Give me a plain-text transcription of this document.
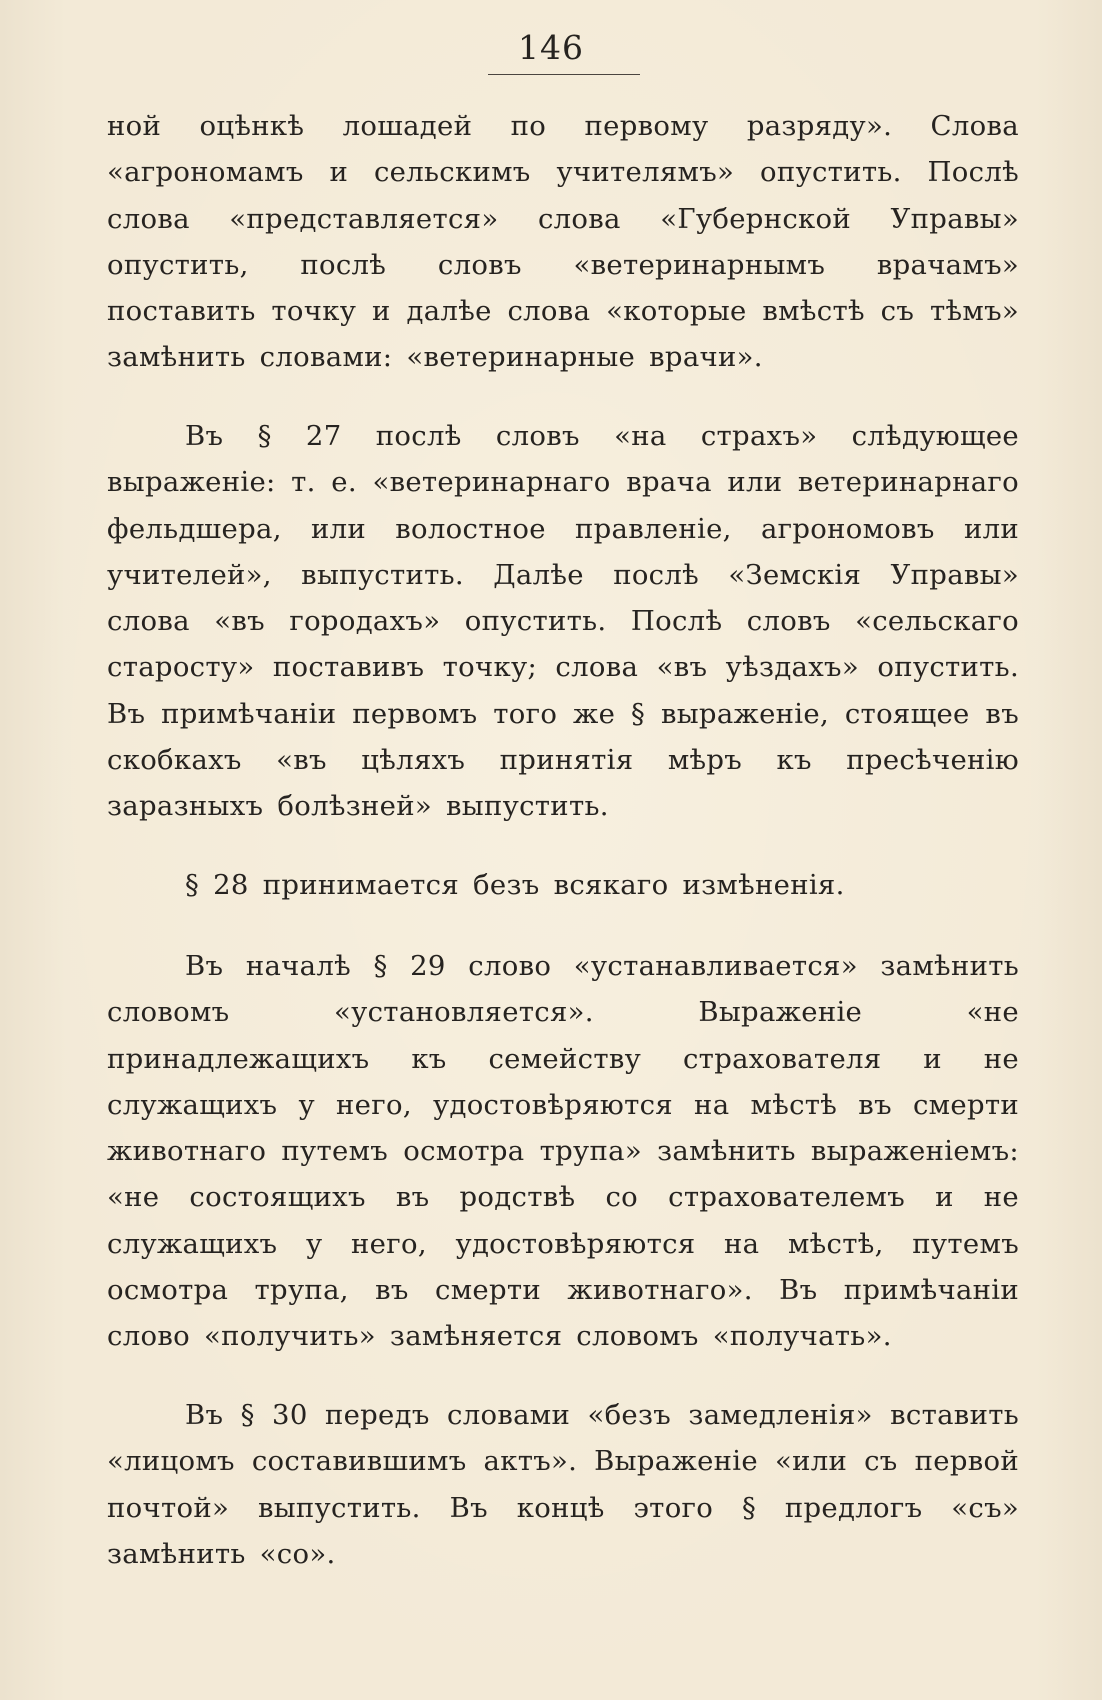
146

ной оцѣнкѣ лошадей по первому разряду». Слова «агрономамъ и сельскимъ учителямъ» опустить. Послѣ слова «представляется» слова «Губернской Управы» опустить, послѣ словъ «ветеринарнымъ врачамъ» поставить точку и далѣе слова «которые вмѣстѣ съ тѣмъ» замѣнить словами: «ветеринарные врачи».

Въ § 27 послѣ словъ «на страхъ» слѣдующее выраженіе: т. е. «ветеринарнаго врача или ветеринарнаго фельдшера, или волостное правленіе, агрономовъ или учителей», выпустить. Далѣе послѣ «Земскія Управы» слова «въ городахъ» опустить. Послѣ словъ «сельскаго старосту» поставивъ точку; слова «въ уѣздахъ» опустить. Въ примѣчаніи первомъ того же § выраженіе, стоящее въ скобкахъ «въ цѣляхъ принятія мѣръ къ пресѣченію заразныхъ болѣзней» выпустить.

§ 28 принимается безъ всякаго измѣненія.

Въ началѣ § 29 слово «устанавливается» замѣнить словомъ «установляется». Выраженіе «не принадлежащихъ къ семейству страхователя и не служащихъ у него, удостовѣряются на мѣстѣ въ смерти животнаго путемъ осмотра трупа» замѣнить выраженіемъ: «не состоящихъ въ родствѣ со страхователемъ и не служащихъ у него, удостовѣряются на мѣстѣ, путемъ осмотра трупа, въ смерти животнаго». Въ примѣчаніи слово «получить» замѣняется словомъ «получать».

Въ § 30 передъ словами «безъ замедленія» вставить «лицомъ составившимъ актъ». Выраженіе «или съ первой почтой» выпустить. Въ концѣ этого § предлогъ «съ» замѣнить «со».
